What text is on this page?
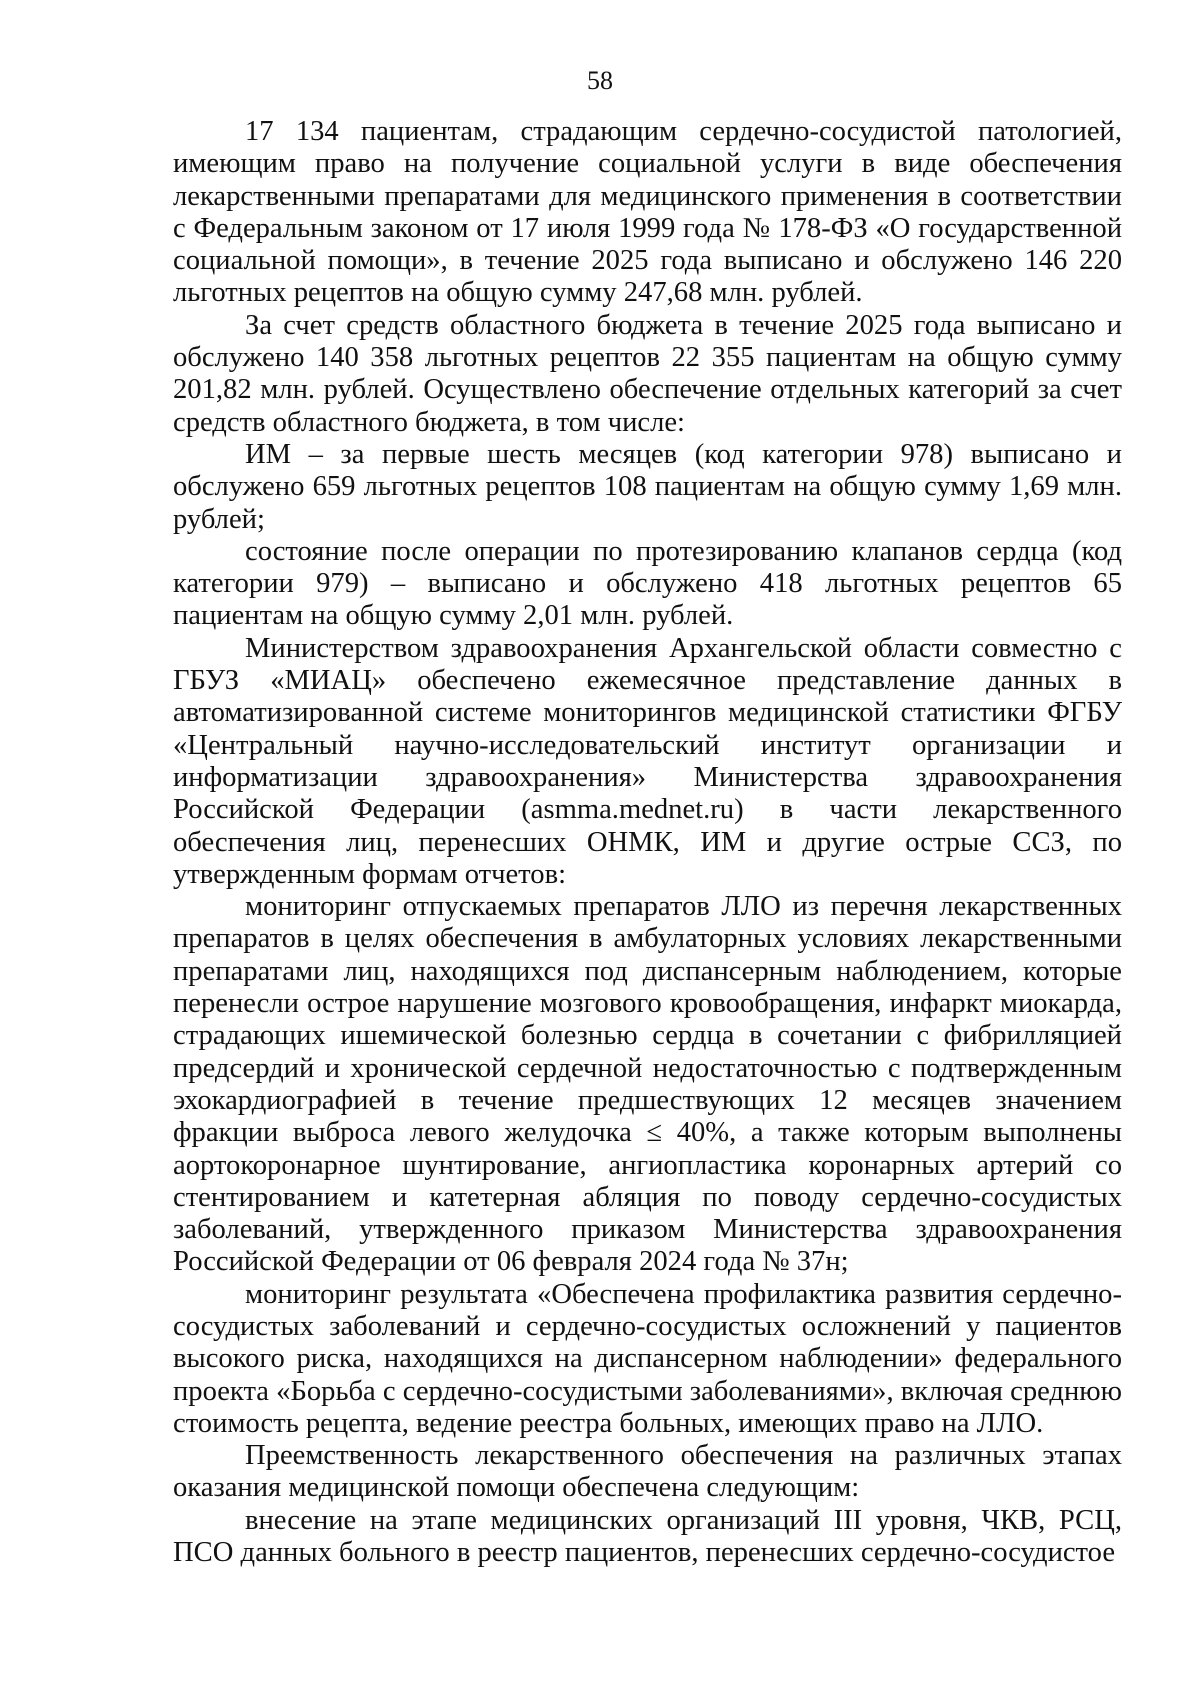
58

17 134 пациентам, страдающим сердечно-сосудистой патологией, имеющим право на получение социальной услуги в виде обеспечения лекарственными препаратами для медицинского применения в соответствии с Федеральным законом от 17 июля 1999 года № 178-ФЗ «О государственной социальной помощи», в течение 2025 года выписано и обслужено 146 220 льготных рецептов на общую сумму 247,68 млн. рублей.

За счет средств областного бюджета в течение 2025 года выписано и обслужено 140 358 льготных рецептов 22 355 пациентам на общую сумму 201,82 млн. рублей. Осуществлено обеспечение отдельных категорий за счет средств областного бюджета, в том числе:

ИМ – за первые шесть месяцев (код категории 978) выписано и обслужено 659 льготных рецептов 108 пациентам на общую сумму 1,69 млн. рублей;

состояние после операции по протезированию клапанов сердца (код категории 979) – выписано и обслужено 418 льготных рецептов 65 пациентам на общую сумму 2,01 млн. рублей.

Министерством здравоохранения Архангельской области совместно с ГБУЗ «МИАЦ» обеспечено ежемесячное представление данных в автоматизированной системе мониторингов медицинской статистики ФГБУ «Центральный научно-исследовательский институт организации и информатизации здравоохранения» Министерства здравоохранения Российской Федерации (asmma.mednet.ru) в части лекарственного обеспечения лиц, перенесших ОНМК, ИМ и другие острые ССЗ, по утвержденным формам отчетов:

мониторинг отпускаемых препаратов ЛЛО из перечня лекарственных препаратов в целях обеспечения в амбулаторных условиях лекарственными препаратами лиц, находящихся под диспансерным наблюдением, которые перенесли острое нарушение мозгового кровообращения, инфаркт миокарда, страдающих ишемической болезнью сердца в сочетании с фибрилляцией предсердий и хронической сердечной недостаточностью с подтвержденным эхокардиографией в течение предшествующих 12 месяцев значением фракции выброса левого желудочка ≤ 40%, а также которым выполнены аортокоронарное шунтирование, ангиопластика коронарных артерий со стентированием и катетерная абляция по поводу сердечно-сосудистых заболеваний, утвержденного приказом Министерства здравоохранения Российской Федерации от 06 февраля 2024 года № 37н;

мониторинг результата «Обеспечена профилактика развития сердечно-сосудистых заболеваний и сердечно-сосудистых осложнений у пациентов высокого риска, находящихся на диспансерном наблюдении» федерального проекта «Борьба с сердечно-сосудистыми заболеваниями», включая среднюю стоимость рецепта, ведение реестра больных, имеющих право на ЛЛО.

Преемственность лекарственного обеспечения на различных этапах оказания медицинской помощи обеспечена следующим:

внесение на этапе медицинских организаций III уровня, ЧКВ, РСЦ, ПСО данных больного в реестр пациентов, перенесших сердечно-сосудистое
